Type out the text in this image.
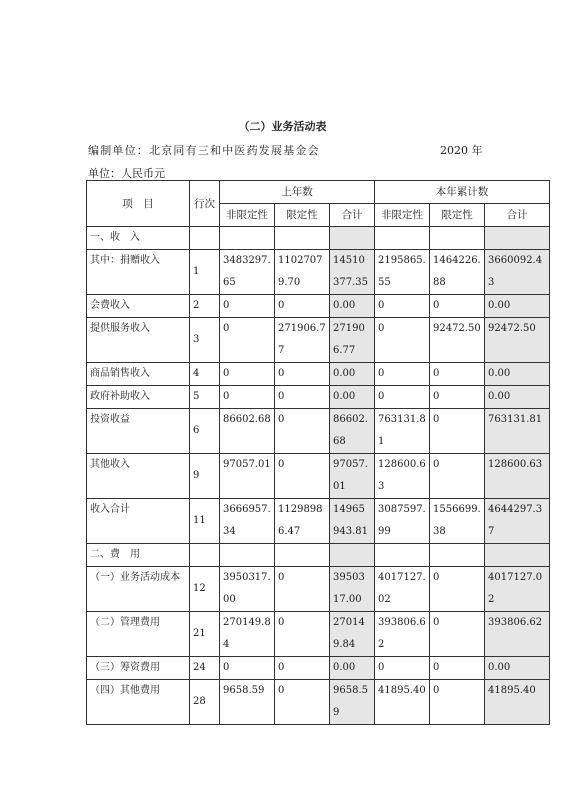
（二）业务活动表
编制单位：北京同有三和中医药发展基金会	2020 年
单位：人民币元
项　目	行次	上年数			本年累计数		
		非限定性	限定性	合计	非限定性	限定性	合计
一、收　入							
其中：捐赠收入	1	3483297.65	11027079.70	14510377.35	2195865.55	1464226.88	3660092.43
会费收入	2	0	0	0.00	0	0	0.00
提供服务收入	3	0	271906.77	271906.77	0	92472.50	92472.50
商品销售收入	4	0	0	0.00	0	0	0.00
政府补助收入	5	0	0	0.00	0	0	0.00
投资收益	6	86602.68	0	86602.68	763131.81	0	763131.81
其他收入	9	97057.01	0	97057.01	128600.63	0	128600.63
收入合计	11	3666957.34	11298986.47	14965943.81	3087597.99	1556699.38	4644297.37
二、费　用							
（一）业务活动成本	12	3950317.00	0	3950317.00	4017127.02	0	4017127.02
（二）管理费用	21	270149.84	0	270149.84	393806.62	0	393806.62
（三）筹资费用	24	0	0	0.00	0	0	0.00
（四）其他费用	28	9658.59	0	9658.59	41895.40	0	41895.40
